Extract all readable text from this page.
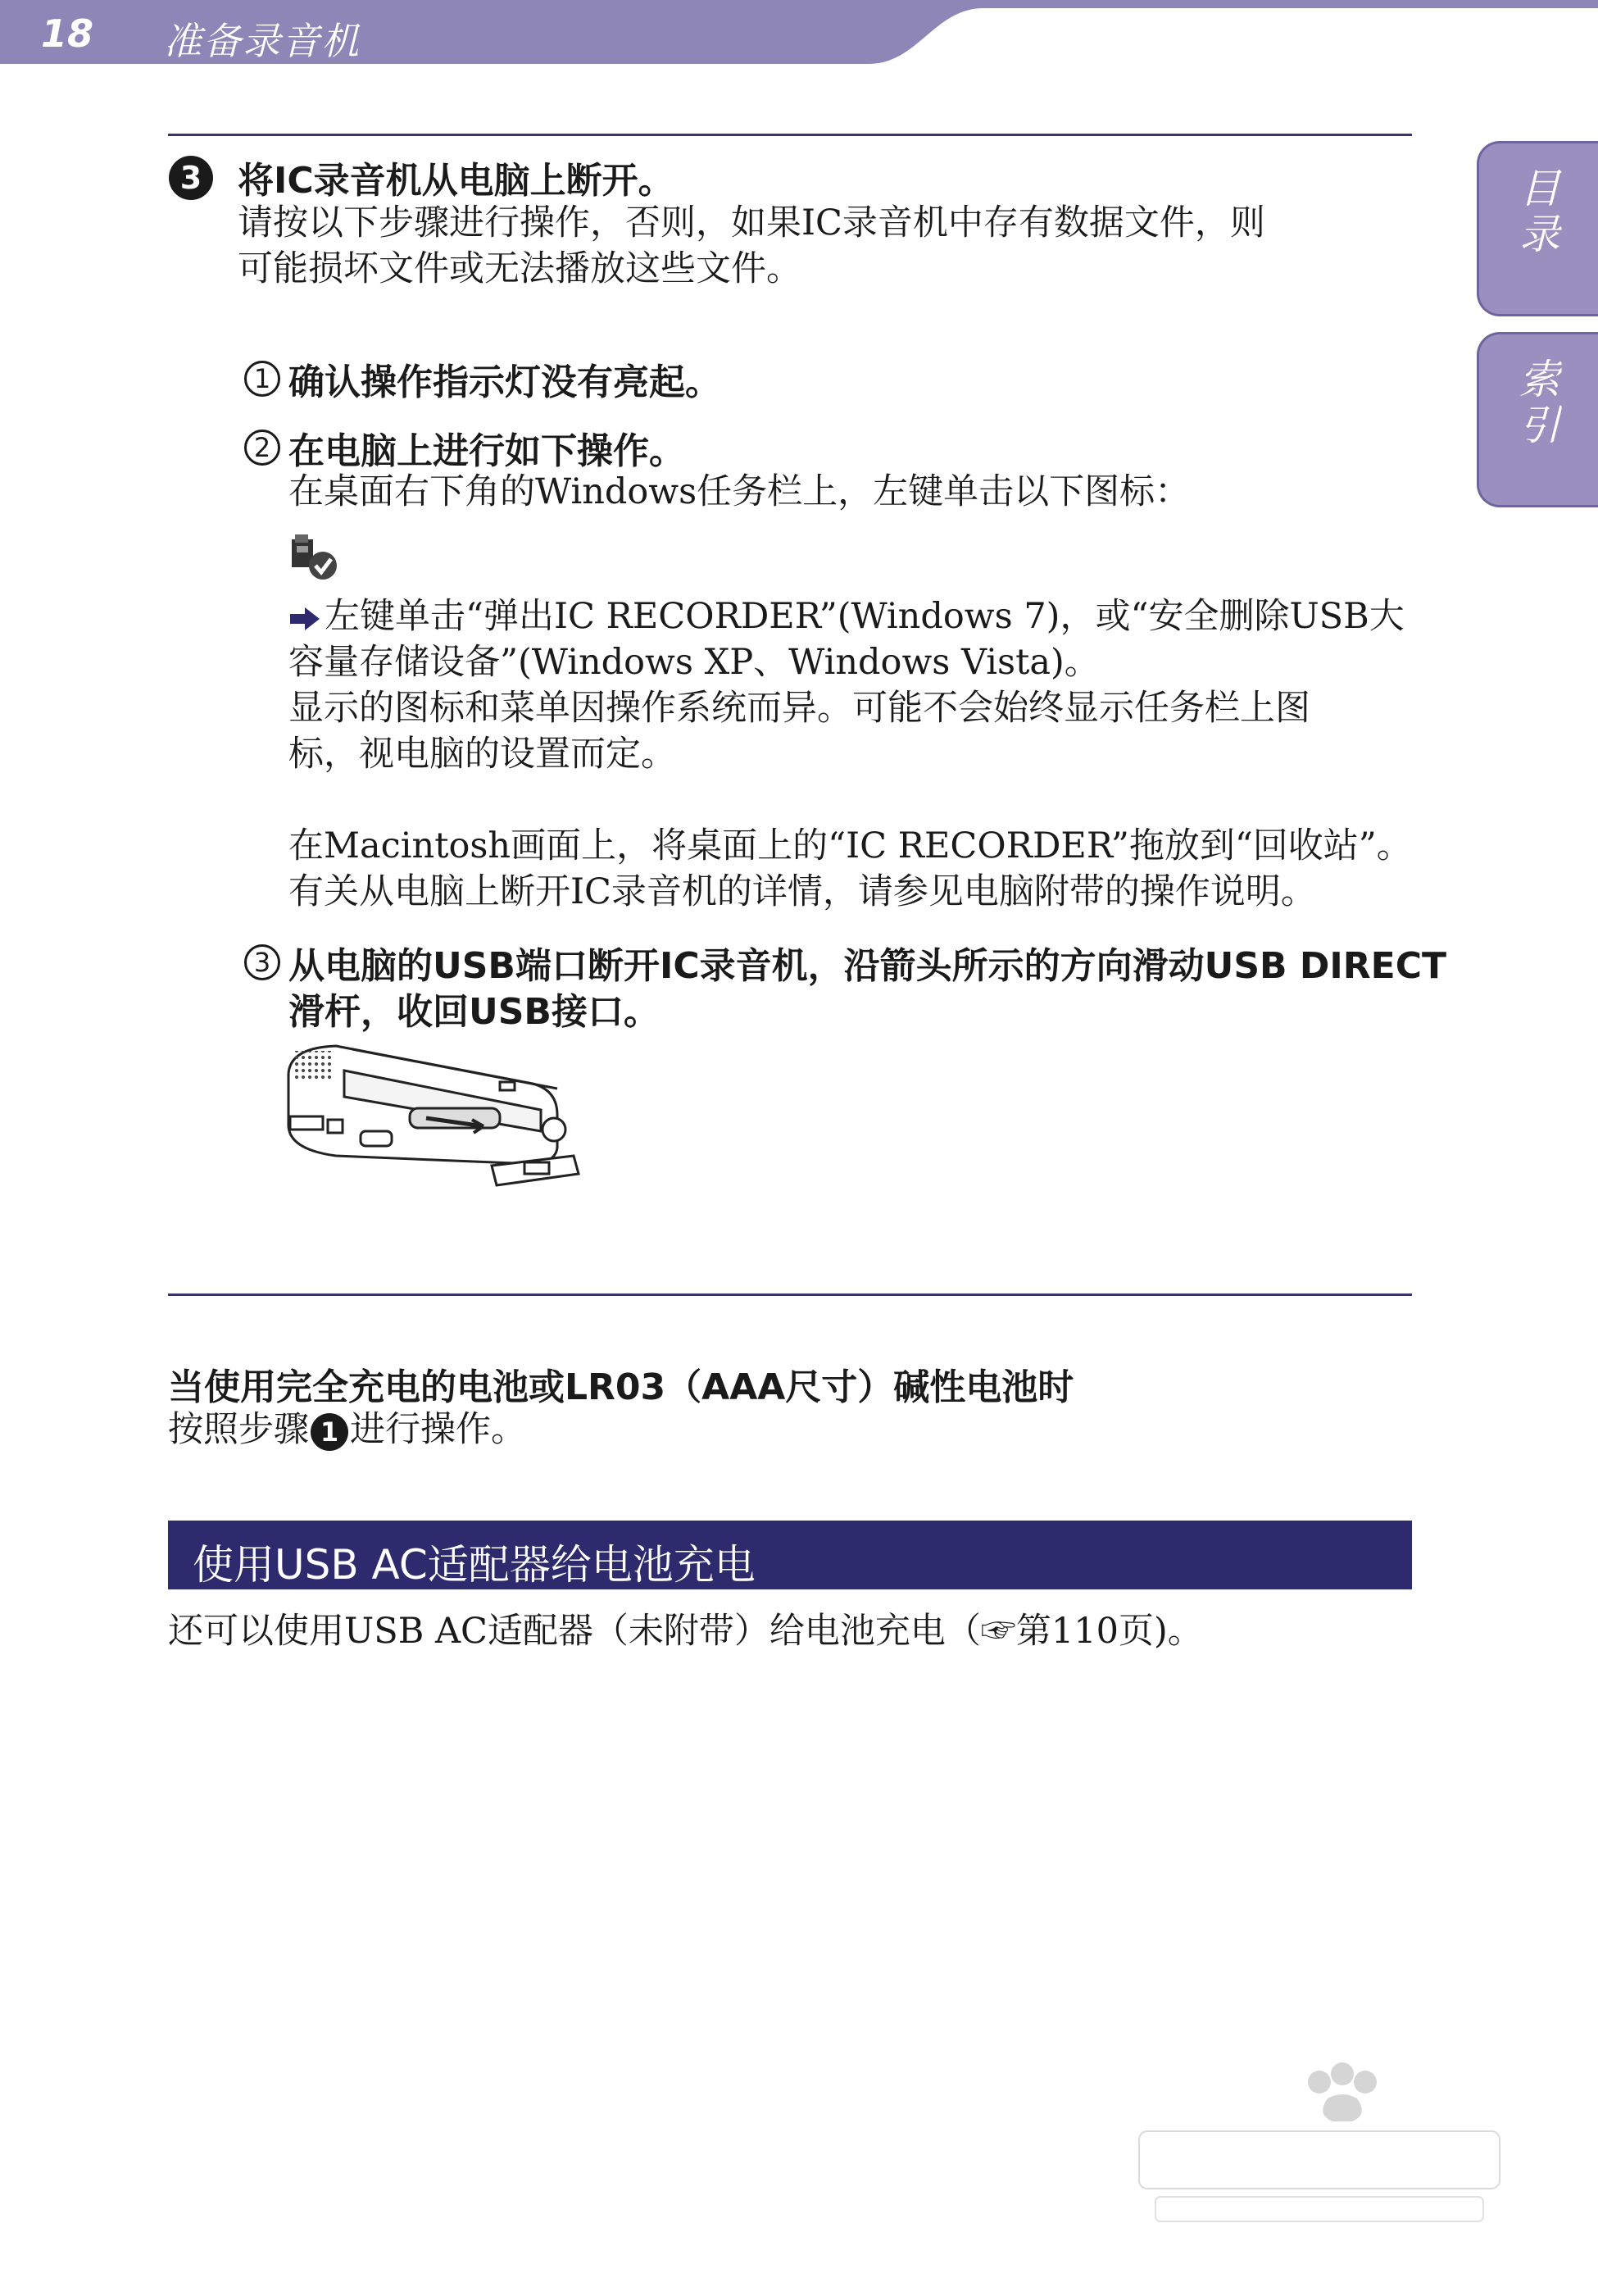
18 准备录音机
目录
索引
3 将IC录音机从电脑上断开。
请按以下步骤进行操作，否则，如果IC录音机中存有数据文件，则
可能损坏文件或无法播放这些文件。
1 确认操作指示灯没有亮起。
2 在电脑上进行如下操作。
在桌面右下角的Windows任务栏上，左键单击以下图标：
左键单击“弹出IC RECORDER”(Windows 7)，或“安全删除USB大
容量存储设备”(Windows XP、Windows Vista)。
显示的图标和菜单因操作系统而异。可能不会始终显示任务栏上图
标，视电脑的设置而定。
在Macintosh画面上，将桌面上的“IC RECORDER”拖放到“回收站”。
有关从电脑上断开IC录音机的详情，请参见电脑附带的操作说明。
3 从电脑的USB端口断开IC录音机，沿箭头所示的方向滑动USB DIRECT
滑杆，收回USB接口。
当使用完全充电的电池或LR03（AAA尺寸）碱性电池时
按照步骤 1 进行操作。
使用USB AC适配器给电池充电
还可以使用USB AC适配器（未附带）给电池充电（☞第110页)。
